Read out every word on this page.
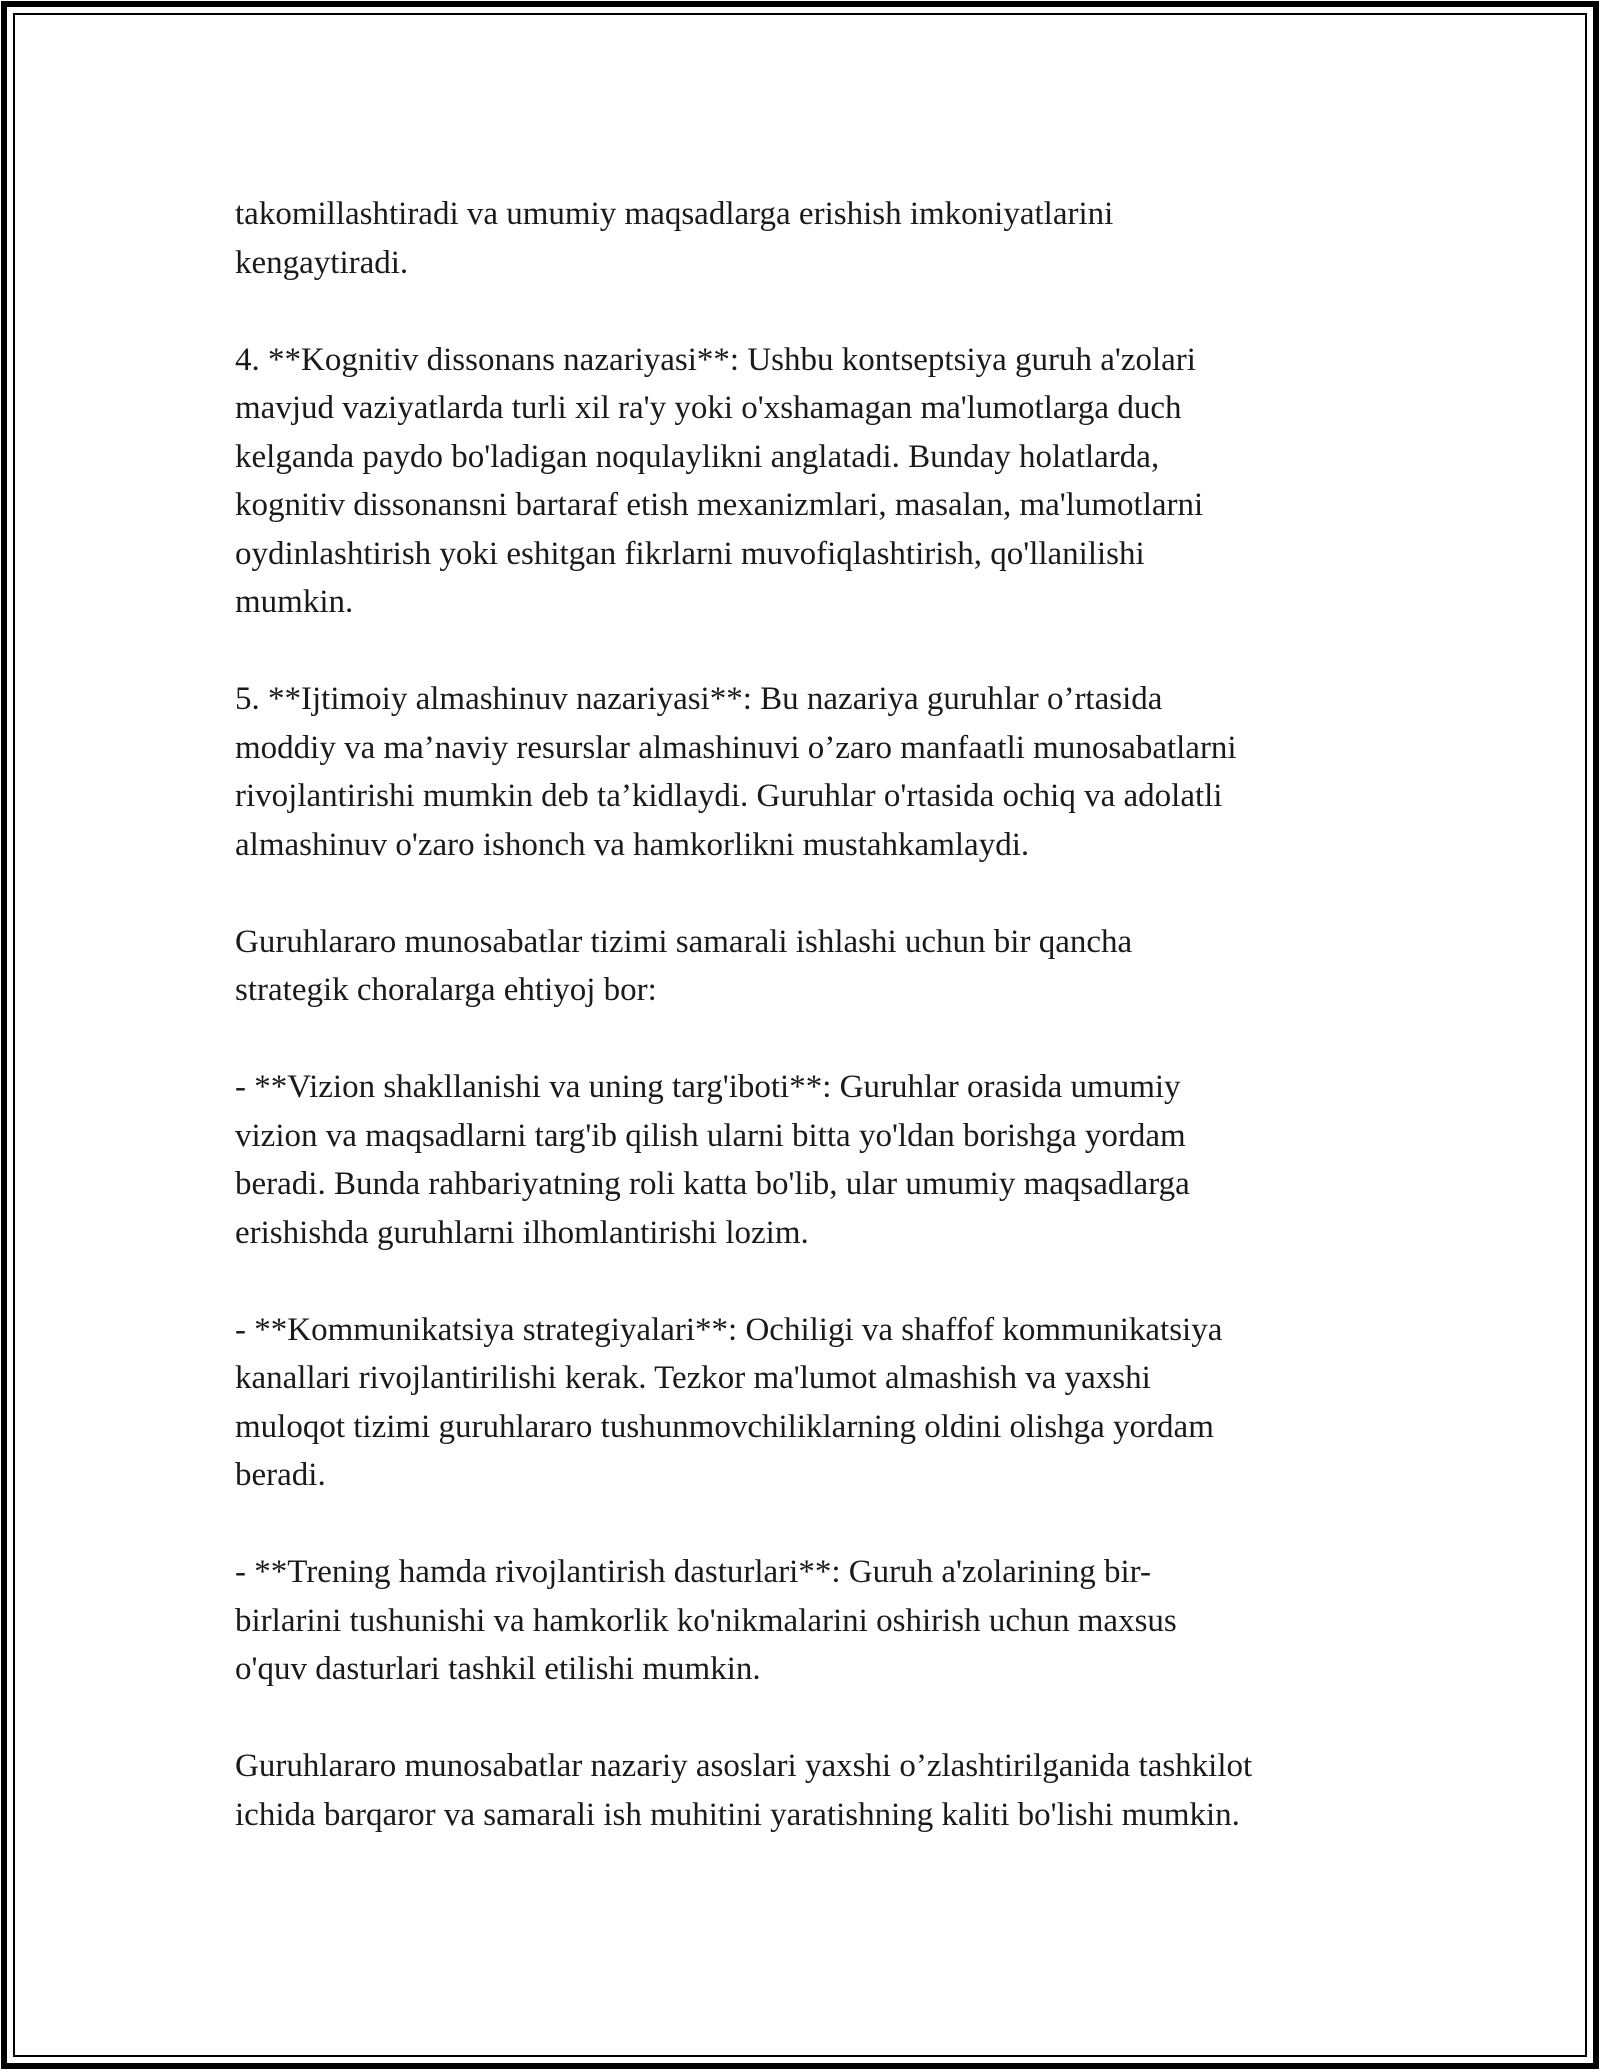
takomillashtiradi va umumiy maqsadlarga erishish imkoniyatlarini
kengaytiradi.

4. **Kognitiv dissonans nazariyasi**: Ushbu kontseptsiya guruh a'zolari
mavjud vaziyatlarda turli xil ra'y yoki o'xshamagan ma'lumotlarga duch
kelganda paydo bo'ladigan noqulaylikni anglatadi. Bunday holatlarda,
kognitiv dissonansni bartaraf etish mexanizmlari, masalan, ma'lumotlarni
oydinlashtirish yoki eshitgan fikrlarni muvofiqlashtirish, qo'llanilishi
mumkin.

5. **Ijtimoiy almashinuv nazariyasi**: Bu nazariya guruhlar o’rtasida
moddiy va ma’naviy resurslar almashinuvi o’zaro manfaatli munosabatlarni
rivojlantirishi mumkin deb ta’kidlaydi. Guruhlar o'rtasida ochiq va adolatli
almashinuv o'zaro ishonch va hamkorlikni mustahkamlaydi.

Guruhlararo munosabatlar tizimi samarali ishlashi uchun bir qancha
strategik choralarga ehtiyoj bor:

- **Vizion shakllanishi va uning targ'iboti**: Guruhlar orasida umumiy
vizion va maqsadlarni targ'ib qilish ularni bitta yo'ldan borishga yordam
beradi. Bunda rahbariyatning roli katta bo'lib, ular umumiy maqsadlarga
erishishda guruhlarni ilhomlantirishi lozim.

- **Kommunikatsiya strategiyalari**: Ochiligi va shaffof kommunikatsiya
kanallari rivojlantirilishi kerak. Tezkor ma'lumot almashish va yaxshi
muloqot tizimi guruhlararo tushunmovchiliklarning oldini olishga yordam
beradi.

- **Trening hamda rivojlantirish dasturlari**: Guruh a'zolarining bir-
birlarini tushunishi va hamkorlik ko'nikmalarini oshirish uchun maxsus
o'quv dasturlari tashkil etilishi mumkin.

Guruhlararo munosabatlar nazariy asoslari yaxshi o’zlashtirilganida tashkilot
ichida barqaror va samarali ish muhitini yaratishning kaliti bo'lishi mumkin.
